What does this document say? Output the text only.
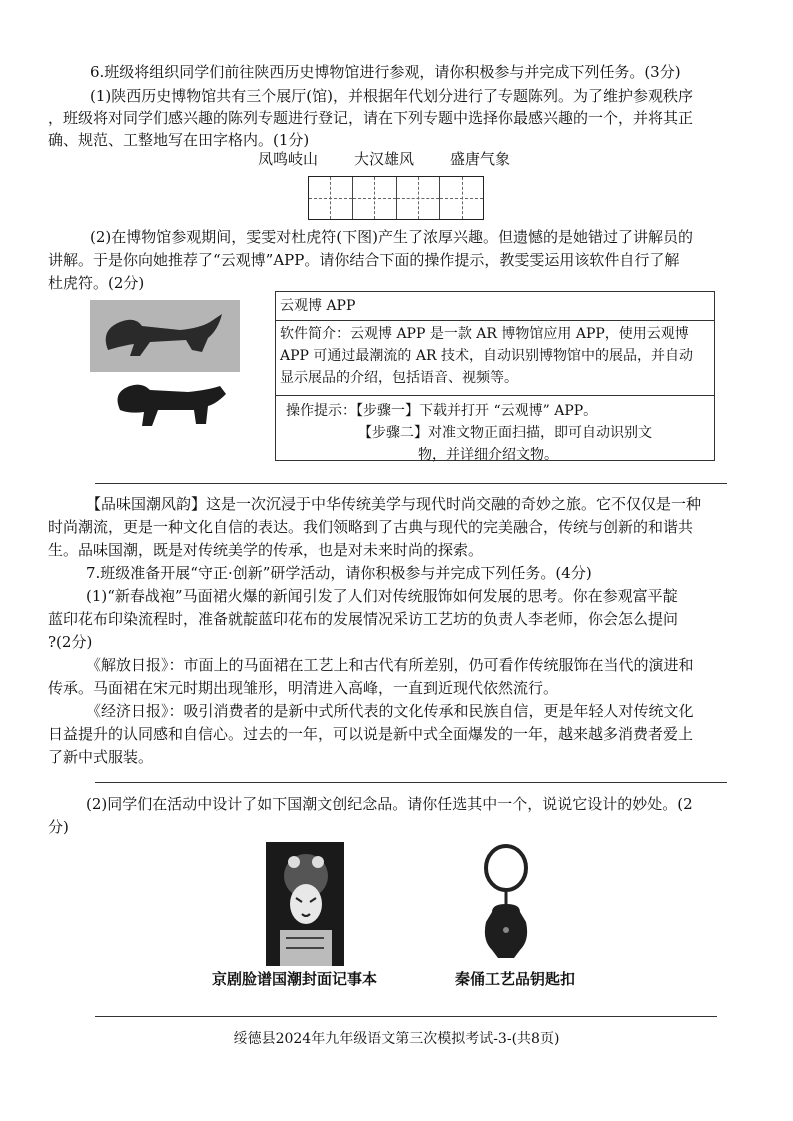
6.班级将组织同学们前往陕西历史博物馆进行参观，请你积极参与并完成下列任务。(3分)

(1)陕西历史博物馆共有三个展厅(馆)，并根据年代划分进行了专题陈列。为了维护参观秩序

，班级将对同学们感兴趣的陈列专题进行登记，请在下列专题中选择你最感兴趣的一个，并将其正

确、规范、工整地写在田字格内。(1分)

凤鸣岐山 大汉雄风 盛唐气象

(2)在博物馆参观期间，雯雯对杜虎符(下图)产生了浓厚兴趣。但遗憾的是她错过了讲解员的

讲解。于是你向她推荐了“云观博”APP。请你结合下面的操作提示，教雯雯运用该软件自行了解

杜虎符。(2分)

云观博 APP
软件简介：云观博 APP 是一款 AR 博物馆应用 APP，使用云观博
APP 可通过最潮流的 AR 技术，自动识别博物馆中的展品，并自动
显示展品的介绍，包括语音、视频等。
操作提示：【步骤一】下载并打开 “云观博” APP。
【步骤二】对准文物正面扫描，即可自动识别文
物，并详细介绍文物。

【品味国潮风韵】这是一次沉浸于中华传统美学与现代时尚交融的奇妙之旅。它不仅仅是一种

时尚潮流，更是一种文化自信的表达。我们领略到了古典与现代的完美融合，传统与创新的和谐共

生。品味国潮，既是对传统美学的传承，也是对未来时尚的探索。

7.班级准备开展“守正·创新”研学活动，请你积极参与并完成下列任务。(4分)

(1)“新春战袍”马面裙火爆的新闻引发了人们对传统服饰如何发展的思考。你在参观富平靛

蓝印花布印染流程时，准备就靛蓝印花布的发展情况采访工艺坊的负责人李老师，你会怎么提问

?(2分)

《解放日报》：市面上的马面裙在工艺上和古代有所差别，仍可看作传统服饰在当代的演进和

传承。马面裙在宋元时期出现雏形，明清进入高峰，一直到近现代依然流行。

《经济日报》：吸引消费者的是新中式所代表的文化传承和民族自信，更是年轻人对传统文化

日益提升的认同感和自信心。过去的一年，可以说是新中式全面爆发的一年，越来越多消费者爱上

了新中式服装。

(2)同学们在活动中设计了如下国潮文创纪念品。请你任选其中一个，说说它设计的妙处。(2

分)

京剧脸谱国潮封面记事本	秦俑工艺品钥匙扣
绥德县2024年九年级语文第三次模拟考试-3-(共8页)
